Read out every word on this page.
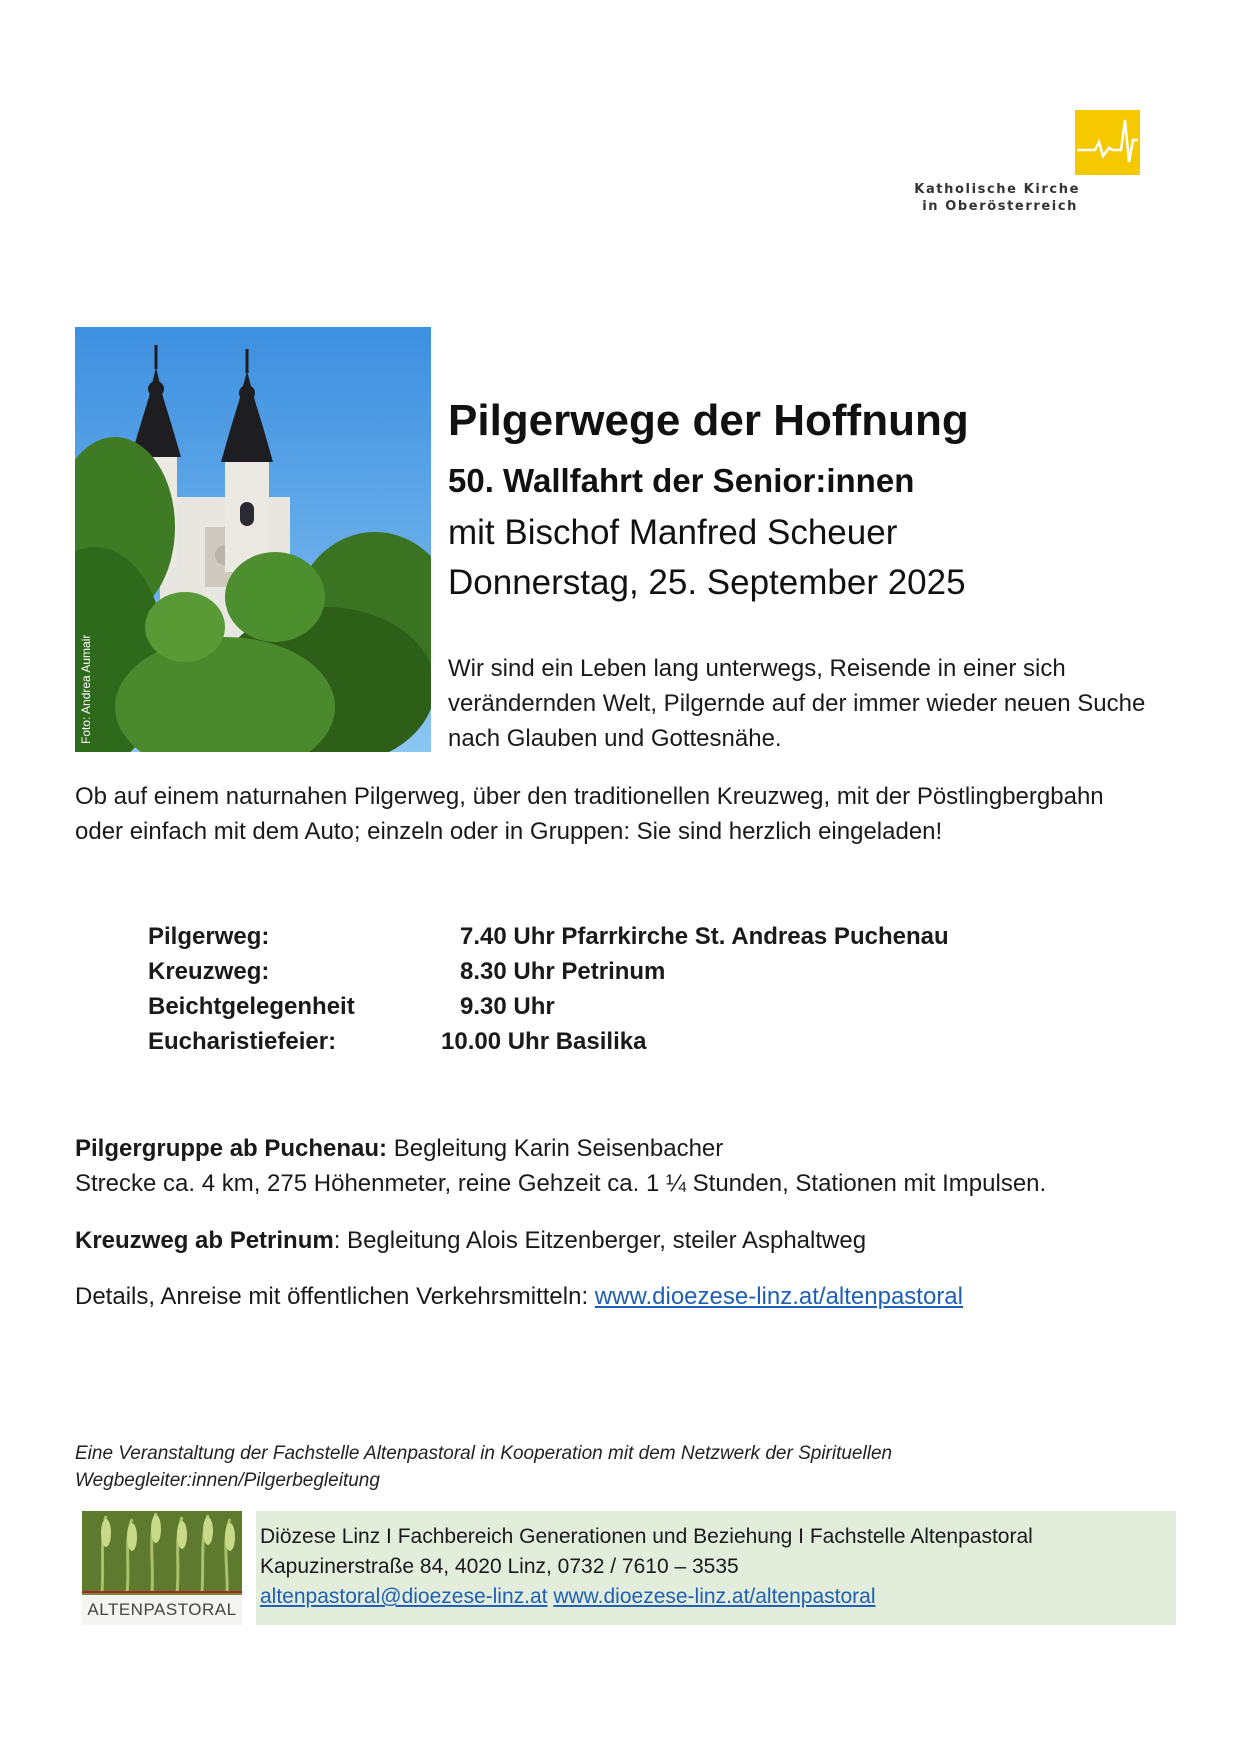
Katholische Kirche
in Oberösterreich
Foto: Andrea Aumair
Pilgerwege der Hoffnung
50. Wallfahrt der Senior:innen
mit Bischof Manfred Scheuer
Donnerstag, 25. September 2025
Wir sind ein Leben lang unterwegs, Reisende in einer sich verändernden Welt, Pilgernde auf der immer wieder neuen Suche nach Glauben und Gottesnähe.
Ob auf einem naturnahen Pilgerweg, über den traditionellen Kreuzweg, mit der Pöstlingbergbahn oder einfach mit dem Auto; einzeln oder in Gruppen: Sie sind herzlich eingeladen!
Pilgerweg:	7.40 Uhr Pfarrkirche St. Andreas Puchenau
Kreuzweg:	8.30 Uhr Petrinum
Beichtgelegenheit	9.30 Uhr
Eucharistiefeier:	10.00 Uhr Basilika
Pilgergruppe ab Puchenau: Begleitung Karin Seisenbacher
Strecke ca. 4 km, 275 Höhenmeter, reine Gehzeit ca. 1 ¼ Stunden, Stationen mit Impulsen.
Kreuzweg ab Petrinum: Begleitung Alois Eitzenberger, steiler Asphaltweg
Details, Anreise mit öffentlichen Verkehrsmitteln: www.dioezese-linz.at/altenpastoral
Eine Veranstaltung der Fachstelle Altenpastoral in Kooperation mit dem Netzwerk der Spirituellen Wegbegleiter:innen/Pilgerbegleitung
ALTENPASTORAL
Diözese Linz I Fachbereich Generationen und Beziehung I Fachstelle Altenpastoral
Kapuzinerstraße 84, 4020 Linz, 0732 / 7610 – 3535
altenpastoral@dioezese-linz.at www.dioezese-linz.at/altenpastoral
